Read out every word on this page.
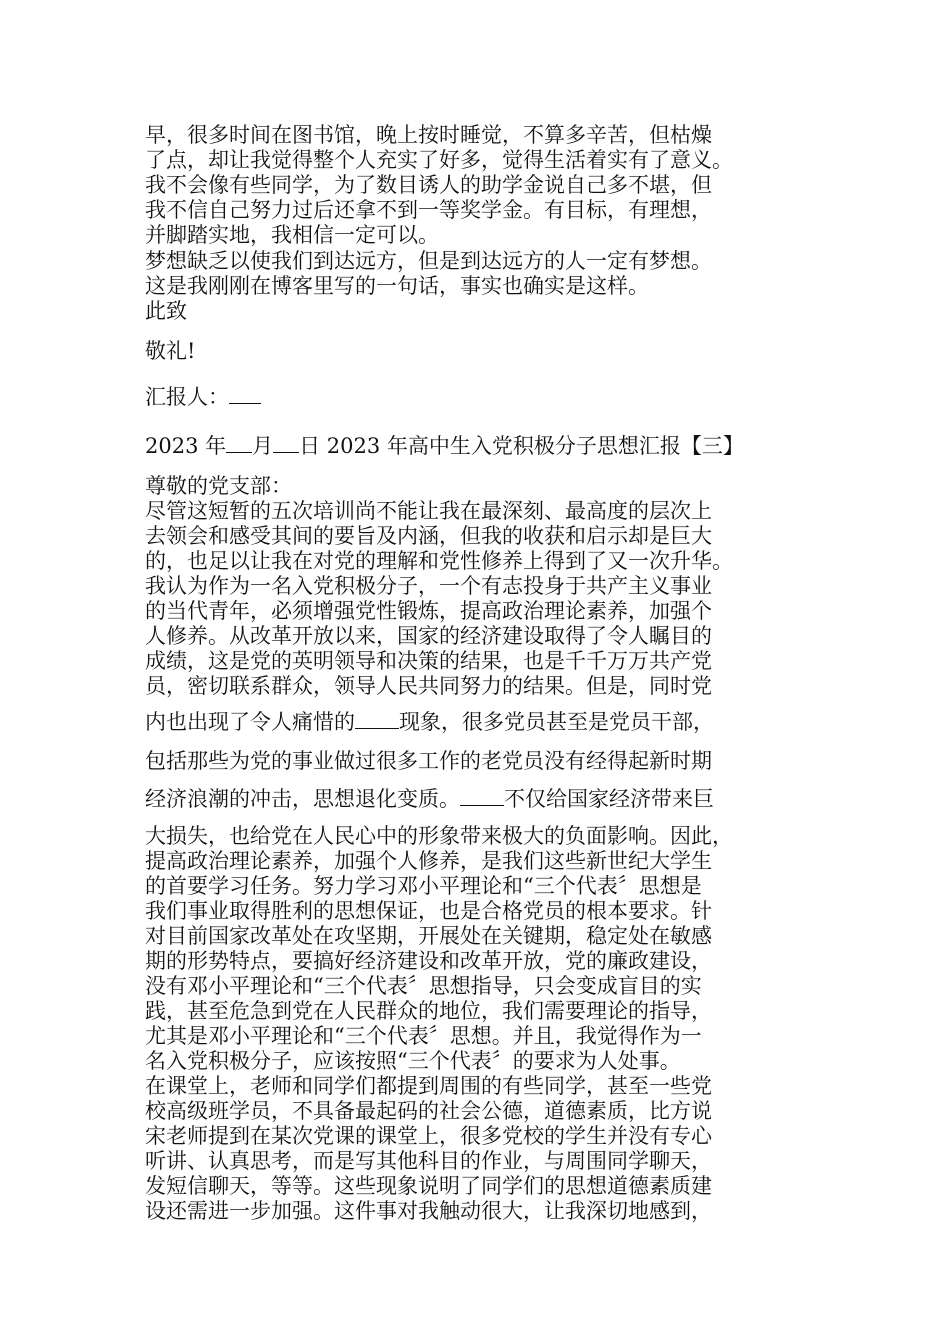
早，很多时间在图书馆，晚上按时睡觉，不算多辛苦，但枯燥
了点，却让我觉得整个人充实了好多，觉得生活着实有了意义。
我不会像有些同学，为了数目诱人的助学金说自己多不堪，但
我不信自己努力过后还拿不到一等奖学金。有目标，有理想，
并脚踏实地，我相信一定可以。
梦想缺乏以使我们到达远方，但是到达远方的人一定有梦想。
这是我刚刚在博客里写的一句话，事实也确实是这样。
此致
敬礼!
汇报人：
2023 年 月 日 2023 年高中生入党积极分子思想汇报【三】
尊敬的党支部：
尽管这短暂的五次培训尚不能让我在最深刻、最高度的层次上
去领会和感受其间的要旨及内涵，但我的收获和启示却是巨大
的，也足以让我在对党的理解和党性修养上得到了又一次升华。
我认为作为一名入党积极分子，一个有志投身于共产主义事业
的当代青年，必须增强党性锻炼，提高政治理论素养，加强个
人修养。从改革开放以来，国家的经济建设取得了令人瞩目的
成绩，这是党的英明领导和决策的结果，也是千千万万共产党
员，密切联系群众，领导人民共同努力的结果。但是，同时党
内也出现了令人痛惜的 现象，很多党员甚至是党员干部，
包括那些为党的事业做过很多工作的老党员没有经得起新时期
经济浪潮的冲击，思想退化变质。 不仅给国家经济带来巨
大损失，也给党在人民心中的形象带来极大的负面影响。因此，
提高政治理论素养，加强个人修养，是我们这些新世纪大学生
的首要学习任务。努力学习邓小平理论和“三个代表〞思想是
我们事业取得胜利的思想保证，也是合格党员的根本要求。针
对目前国家改革处在攻坚期，开展处在关键期，稳定处在敏感
期的形势特点，要搞好经济建设和改革开放，党的廉政建设，
没有邓小平理论和“三个代表〞思想指导，只会变成盲目的实
践，甚至危急到党在人民群众的地位，我们需要理论的指导，
尤其是邓小平理论和“三个代表〞思想。并且，我觉得作为一
名入党积极分子，应该按照“三个代表〞的要求为人处事。
在课堂上，老师和同学们都提到周围的有些同学，甚至一些党
校高级班学员，不具备最起码的社会公德，道德素质，比方说
宋老师提到在某次党课的课堂上，很多党校的学生并没有专心
听讲、认真思考，而是写其他科目的作业，与周围同学聊天，
发短信聊天，等等。这些现象说明了同学们的思想道德素质建
设还需进一步加强。这件事对我触动很大，让我深切地感到，
